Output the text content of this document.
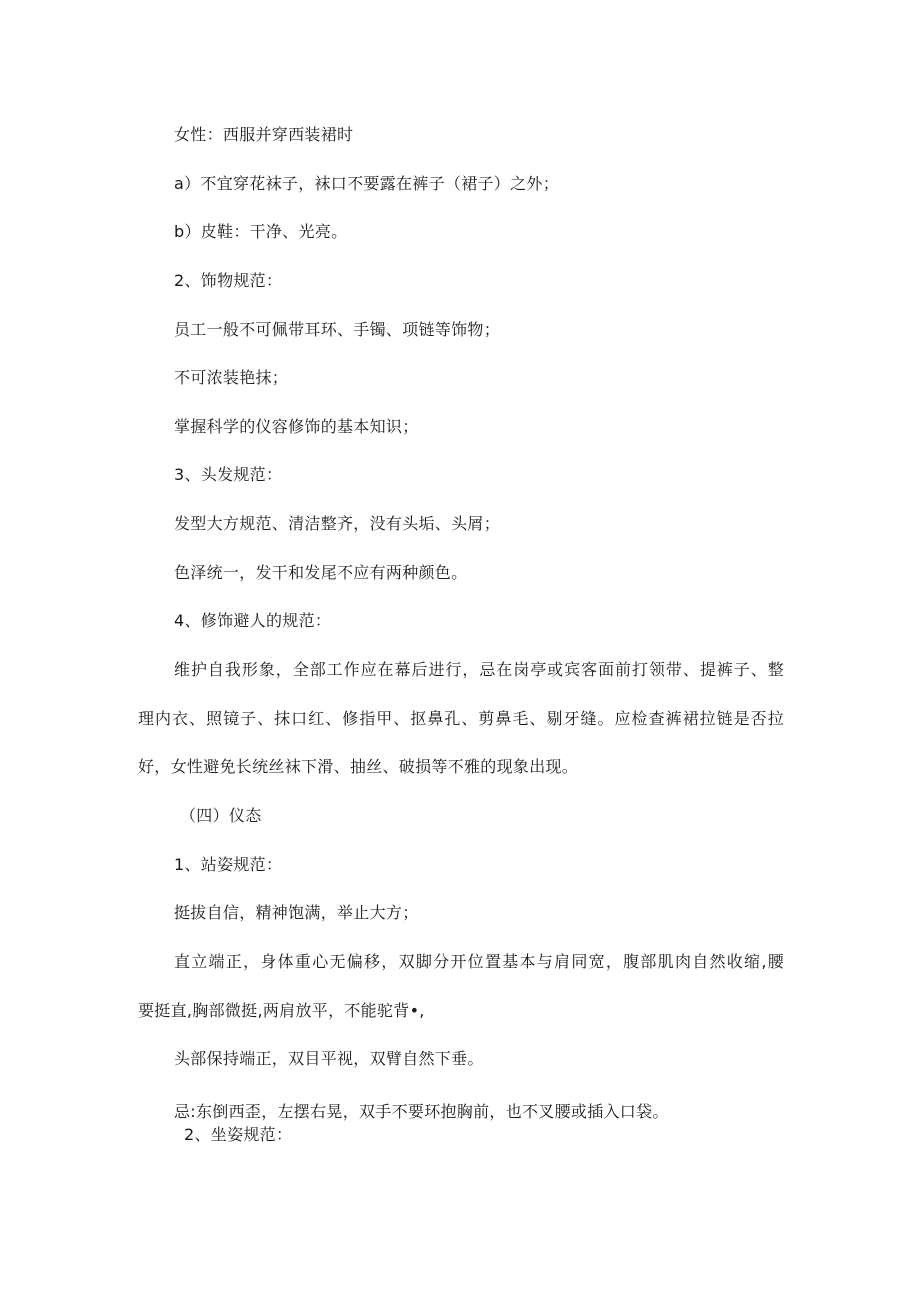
女性：西服并穿西装裙时
a）不宜穿花袜子，袜口不要露在裤子（裙子）之外；
b）皮鞋：干净、光亮。
2、饰物规范：
员工一般不可佩带耳环、手镯、项链等饰物；
不可浓装艳抹；
掌握科学的仪容修饰的基本知识；
3、头发规范：
发型大方规范、清洁整齐，没有头垢、头屑；
色泽统一，发干和发尾不应有两种颜色。
4、修饰避人的规范：
维护自我形象，全部工作应在幕后进行，忌在岗亭或宾客面前打领带、提裤子、整
理内衣、照镜子、抹口红、修指甲、抠鼻孔、剪鼻毛、剔牙缝。应检查裤裙拉链是否拉
好，女性避免长统丝袜下滑、抽丝、破损等不雅的现象出现。
（四）仪态
1、站姿规范：
挺拔自信，精神饱满，举止大方；
直立端正，身体重心无偏移，双脚分开位置基本与肩同宽，腹部肌肉自然收缩,腰
要挺直,胸部微挺,两肩放平，不能驼背•,
头部保持端正，双目平视，双臂自然下垂。
忌:东倒西歪，左摆右晃，双手不要环抱胸前，也不叉腰或插入口袋。
2、坐姿规范：
